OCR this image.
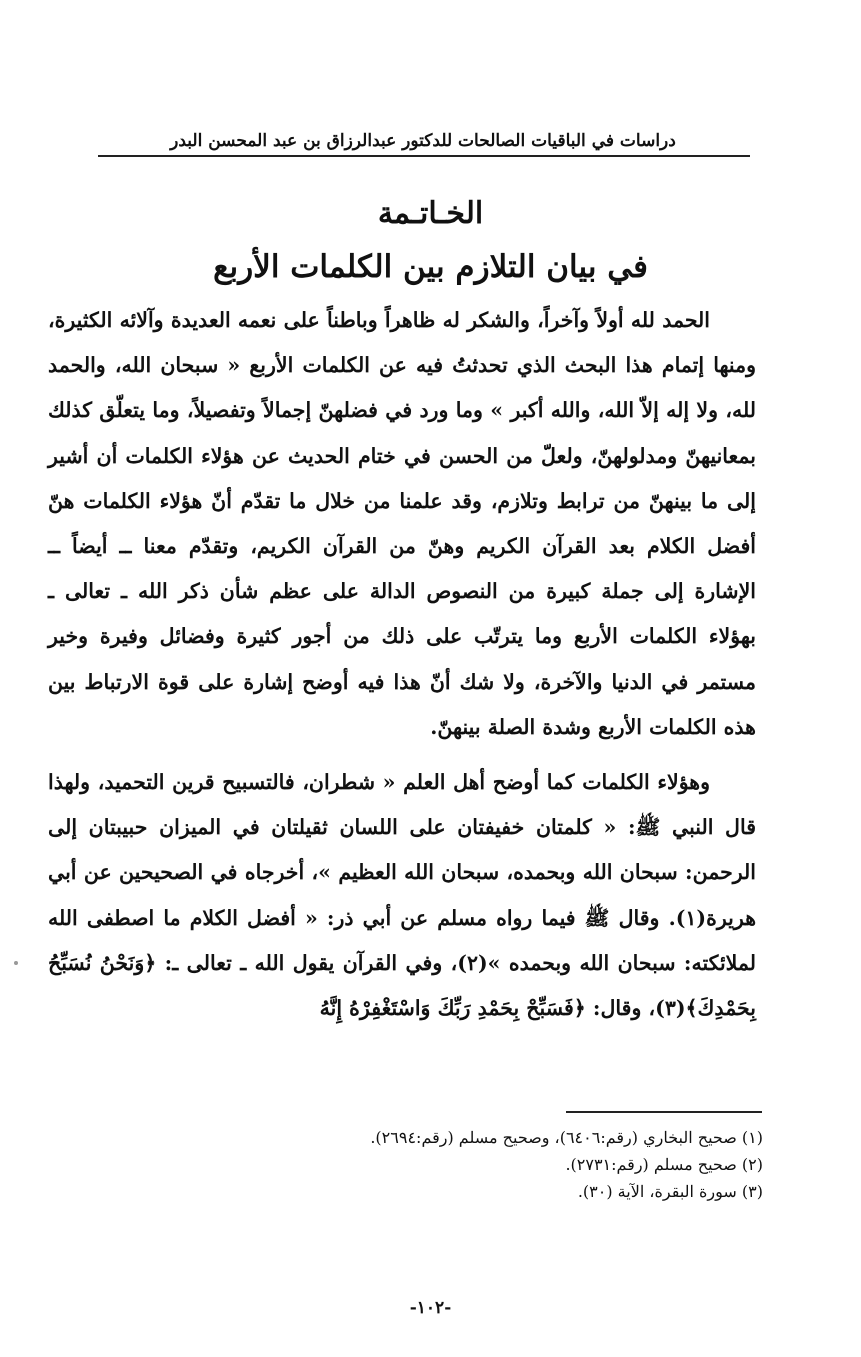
دراسات في الباقيات الصالحات للدكتور عبدالرزاق بن عبد المحسن البدر
الخـاتـمة
في بيان التلازم بين الكلمات الأربع

الحمد لله أولاً وآخراً، والشكر له ظاهراً وباطناً على نعمه العديدة وآلائه الكثيرة، ومنها إتمام هذا البحث الذي تحدثتُ فيه عن الكلمات الأربع « سبحان الله، والحمد لله، ولا إله إلاّ الله، والله أكبر » وما ورد في فضلهنّ إجمالاً وتفصيلاً، وما يتعلّق كذلك بمعانيهنّ ومدلولهنّ، ولعلّ من الحسن في ختام الحديث عن هؤلاء الكلمات أن أشير إلى ما بينهنّ من ترابط وتلازم، وقد علمنا من خلال ما تقدّم أنّ هؤلاء الكلمات هنّ أفضل الكلام بعد القرآن الكريم وهنّ من القرآن الكريم، وتقدّم معنا ــ أيضاً ــ الإشارة إلى جملة كبيرة من النصوص الدالة على عظم شأن ذكر الله ـ تعالى ـ بهؤلاء الكلمات الأربع وما يترتّب على ذلك من أجور كثيرة وفضائل وفيرة وخير مستمر في الدنيا والآخرة، ولا شك أنّ هذا فيه أوضح إشارة على قوة الارتباط بين هذه الكلمات الأربع وشدة الصلة بينهنّ.

وهؤلاء الكلمات كما أوضح أهل العلم « شطران، فالتسبيح قرين التحميد، ولهذا قال النبي ﷺ: « كلمتان خفيفتان على اللسان ثقيلتان في الميزان حبيبتان إلى الرحمن: سبحان الله وبحمده، سبحان الله العظيم »، أخرجاه في الصحيحين عن أبي هريرة(١). وقال ﷺ فيما رواه مسلم عن أبي ذر: « أفضل الكلام ما اصطفى الله لملائكته: سبحان الله وبحمده »(٢)، وفي القرآن يقول الله ـ تعالى ـ: ﴿وَنَحْنُ نُسَبِّحُ بِحَمْدِكَ﴾(٣)، وقال: ﴿فَسَبِّحْ بِحَمْدِ رَبِّكَ وَاسْتَغْفِرْهُ إِنَّهُ

(١) صحيح البخاري (رقم:٦٤٠٦)، وصحيح مسلم (رقم:٢٦٩٤).
(٢) صحيح مسلم (رقم:٢٧٣١).
(٣) سورة البقرة، الآية (٣٠).
-١٠٢-
